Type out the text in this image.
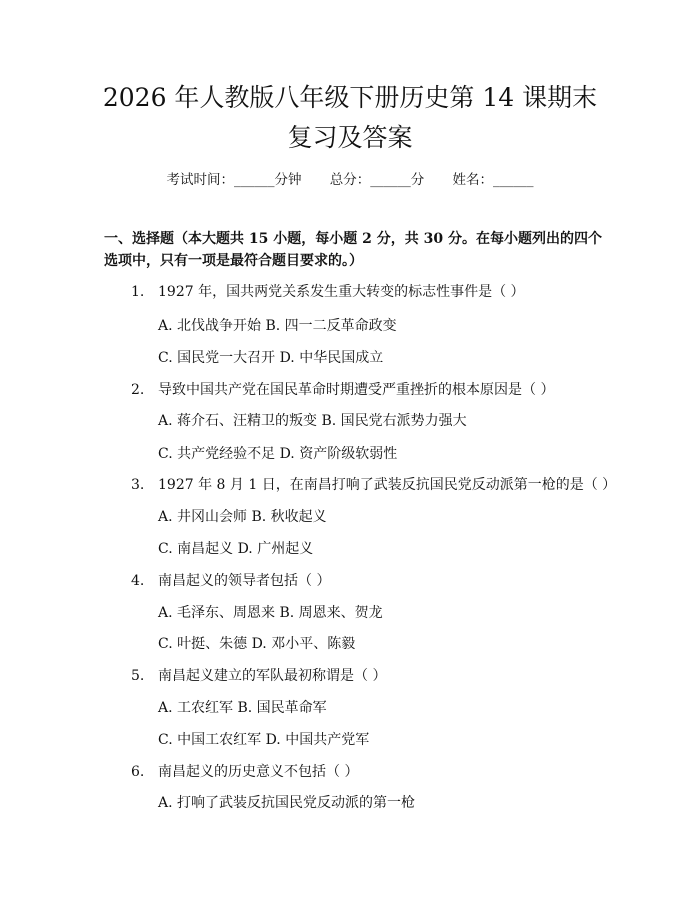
2026 年人教版八年级下册历史第 14 课期末
复习及答案
考试时间：______分钟 总分：______分 姓名：______
一、选择题（本大题共 15 小题，每小题 2 分，共 30 分。在每小题列出的四个选项中，只有一项是最符合题目要求的。）
1. 1927 年，国共两党关系发生重大转变的标志性事件是（ ）
A. 北伐战争开始 B. 四一二反革命政变
C. 国民党一大召开 D. 中华民国成立
2. 导致中国共产党在国民革命时期遭受严重挫折的根本原因是（ ）
A. 蒋介石、汪精卫的叛变 B. 国民党右派势力强大
C. 共产党经验不足 D. 资产阶级软弱性
3. 1927 年 8 月 1 日，在南昌打响了武装反抗国民党反动派第一枪的是（ ）
A. 井冈山会师 B. 秋收起义
C. 南昌起义 D. 广州起义
4. 南昌起义的领导者包括（ ）
A. 毛泽东、周恩来 B. 周恩来、贺龙
C. 叶挺、朱德 D. 邓小平、陈毅
5. 南昌起义建立的军队最初称谓是（ ）
A. 工农红军 B. 国民革命军
C. 中国工农红军 D. 中国共产党军
6. 南昌起义的历史意义不包括（ ）
A. 打响了武装反抗国民党反动派的第一枪
